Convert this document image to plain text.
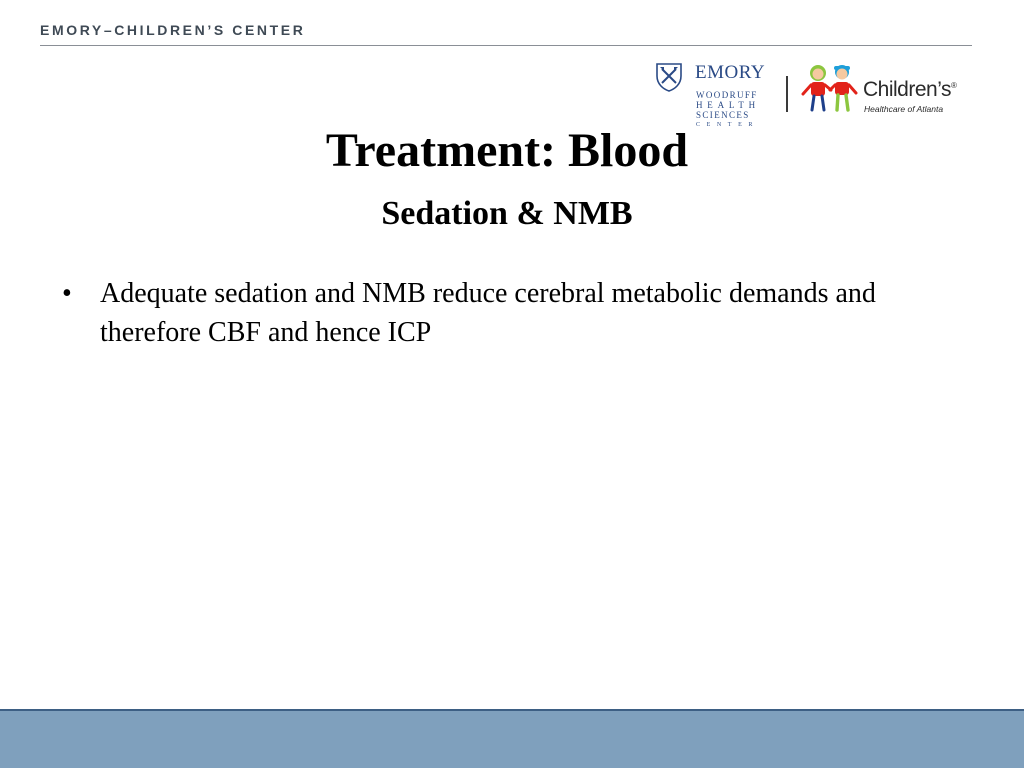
EMORY–CHILDREN’S CENTER
EMORY
WOODRUFF
HEALTH
SCIENCES
CENTER
Children’s®
Healthcare of Atlanta
Treatment: Blood
Sedation & NMB
• Adequate sedation and NMB reduce cerebral metabolic demands and therefore CBF and hence ICP
